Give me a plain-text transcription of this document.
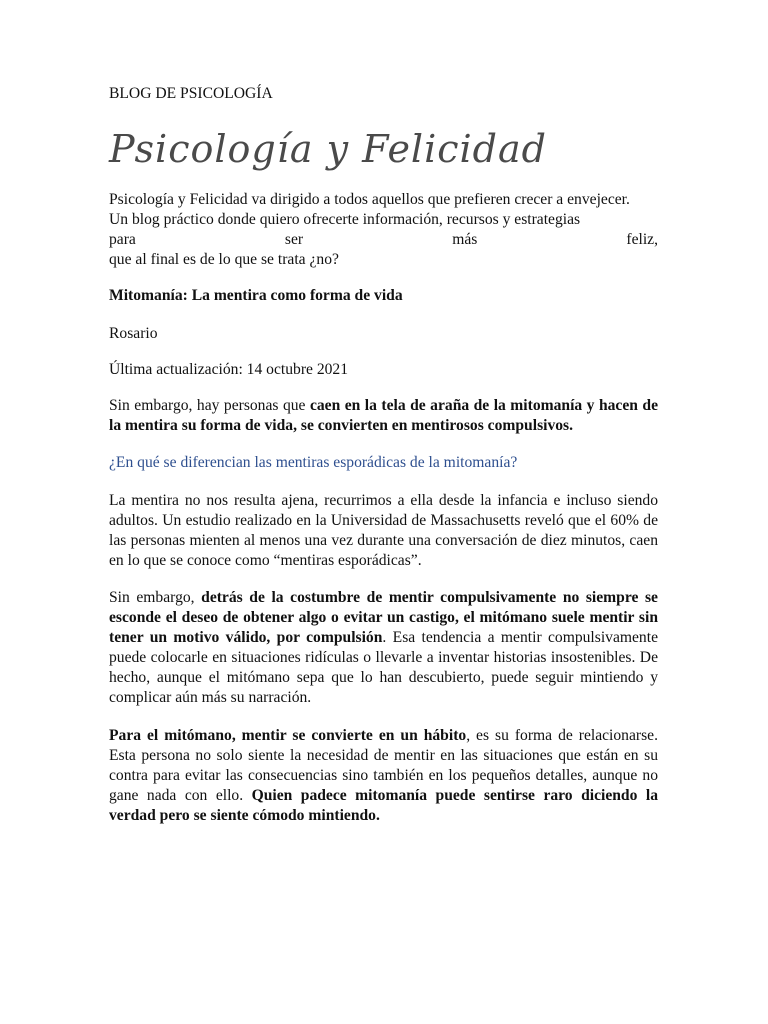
BLOG DE PSICOLOGÍA

Psicología y Felicidad

Psicología y Felicidad va dirigido a todos aquellos que prefieren crecer a envejecer.

Un blog práctico donde quiero ofrecerte información, recursos y estrategias

para	ser	más	feliz,

que al final es de lo que se trata ¿no?

Mitomanía: La mentira como forma de vida

Rosario

Última actualización: 14 octubre 2021

Sin embargo, hay personas que caen en la tela de araña de la mitomanía y hacen de la mentira su forma de vida, se convierten en mentirosos compulsivos.

¿En qué se diferencian las mentiras esporádicas de la mitomanía?

La mentira no nos resulta ajena, recurrimos a ella desde la infancia e incluso siendo adultos. Un estudio realizado en la Universidad de Massachusetts reveló que el 60% de las personas mienten al menos una vez durante una conversación de diez minutos, caen en lo que se conoce como “mentiras esporádicas”.

Sin embargo, detrás de la costumbre de mentir compulsivamente no siempre se esconde el deseo de obtener algo o evitar un castigo, el mitómano suele mentir sin tener un motivo válido, por compulsión. Esa tendencia a mentir compulsivamente puede colocarle en situaciones ridículas o llevarle a inventar historias insostenibles. De hecho, aunque el mitómano sepa que lo han descubierto, puede seguir mintiendo y complicar aún más su narración.

Para el mitómano, mentir se convierte en un hábito, es su forma de relacionarse. Esta persona no solo siente la necesidad de mentir en las situaciones que están en su contra para evitar las consecuencias sino también en los pequeños detalles, aunque no gane nada con ello. Quien padece mitomanía puede sentirse raro diciendo la verdad pero se siente cómodo mintiendo.
